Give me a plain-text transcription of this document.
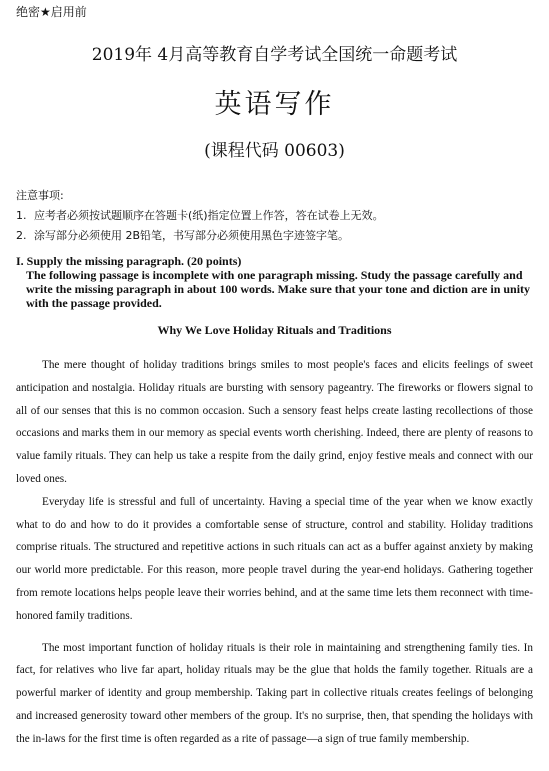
绝密★启用前
2019年 4月高等教育自学考试全国统一命题考试
英语写作
(课程代码 00603)
注意事项:
1. 应考者必须按试题顺序在答题卡(纸)指定位置上作答，答在试卷上无效。
2. 涂写部分必须使用 2B铅笔，书写部分必须使用黑色字迹签字笔。
I. Supply the missing paragraph. (20 points)
The following passage is incomplete with one paragraph missing. Study the passage carefully and write the missing paragraph in about 100 words. Make sure that your tone and diction are in unity with the passage provided.
Why We Love Holiday Rituals and Traditions

The mere thought of holiday traditions brings smiles to most people's faces and elicits feelings of sweet anticipation and nostalgia. Holiday rituals are bursting with sensory pageantry. The fireworks or flowers signal to all of our senses that this is no common occasion. Such a sensory feast helps create lasting recollections of those occasions and marks them in our memory as special events worth cherishing. Indeed, there are plenty of reasons to value family rituals. They can help us take a respite from the daily grind, enjoy festive meals and connect with our loved ones.

Everyday life is stressful and full of uncertainty. Having a special time of the year when we know exactly what to do and how to do it provides a comfortable sense of structure, control and stability. Holiday traditions comprise rituals. The structured and repetitive actions in such rituals can act as a buffer against anxiety by making our world more predictable. For this reason, more people travel during the year-end holidays. Gathering together from remote locations helps people leave their worries behind, and at the same time lets them reconnect with time-honored family traditions.

The most important function of holiday rituals is their role in maintaining and strengthening family ties. In fact, for relatives who live far apart, holiday rituals may be the glue that holds the family together. Rituals are a powerful marker of identity and group membership. Taking part in collective rituals creates feelings of belonging and increased generosity toward other members of the group. It's no surprise, then, that spending the holidays with the in-laws for the first time is often regarded as a rite of passage—a sign of true family membership.
